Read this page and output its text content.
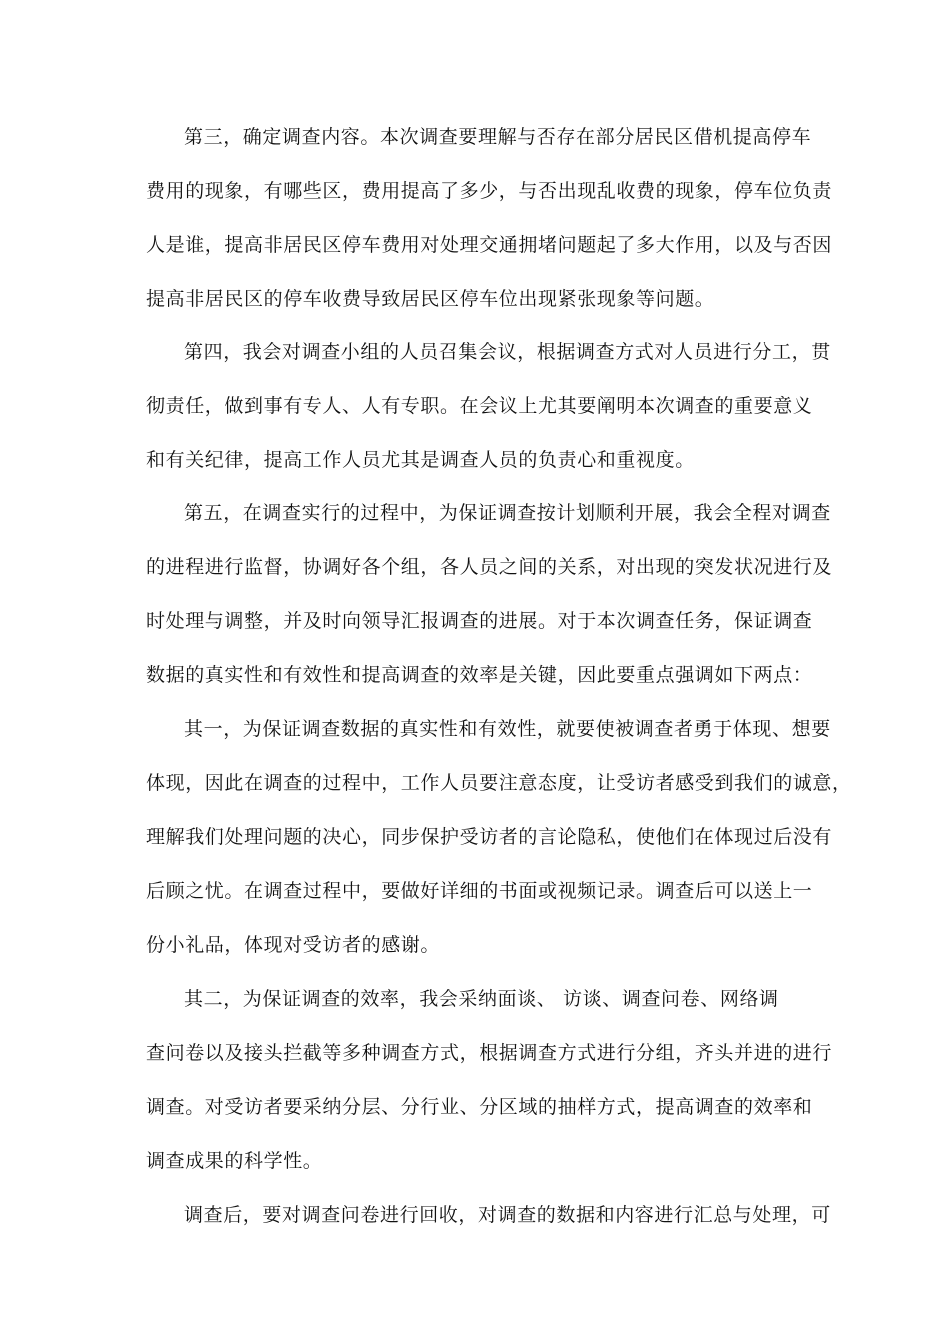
第三，确定调查内容。本次调查要理解与否存在部分居民区借机提高停车
费用的现象，有哪些区，费用提高了多少，与否出现乱收费的现象，停车位负责
人是谁，提高非居民区停车费用对处理交通拥堵问题起了多大作用，以及与否因
提高非居民区的停车收费导致居民区停车位出现紧张现象等问题。
第四，我会对调查小组的人员召集会议，根据调查方式对人员进行分工，贯
彻责任，做到事有专人、人有专职。在会议上尤其要阐明本次调查的重要意义
和有关纪律，提高工作人员尤其是调查人员的负责心和重视度。
第五，在调查实行的过程中，为保证调查按计划顺利开展，我会全程对调查
的进程进行监督，协调好各个组，各人员之间的关系，对出现的突发状况进行及
时处理与调整，并及时向领导汇报调查的进展。对于本次调查任务，保证调查
数据的真实性和有效性和提高调查的效率是关键，因此要重点强调如下两点：
其一，为保证调查数据的真实性和有效性，就要使被调查者勇于体现、想要
体现，因此在调查的过程中，工作人员要注意态度，让受访者感受到我们的诚意，
理解我们处理问题的决心，同步保护受访者的言论隐私，使他们在体现过后没有
后顾之忧。在调查过程中，要做好详细的书面或视频记录。调查后可以送上一
份小礼品，体现对受访者的感谢。
其二，为保证调查的效率，我会采纳面谈、 访谈、调查问卷、网络调
查问卷以及接头拦截等多种调查方式，根据调查方式进行分组，齐头并进的进行
调查。对受访者要采纳分层、分行业、分区域的抽样方式，提高调查的效率和
调查成果的科学性。
调查后，要对调查问卷进行回收，对调查的数据和内容进行汇总与处理，可
